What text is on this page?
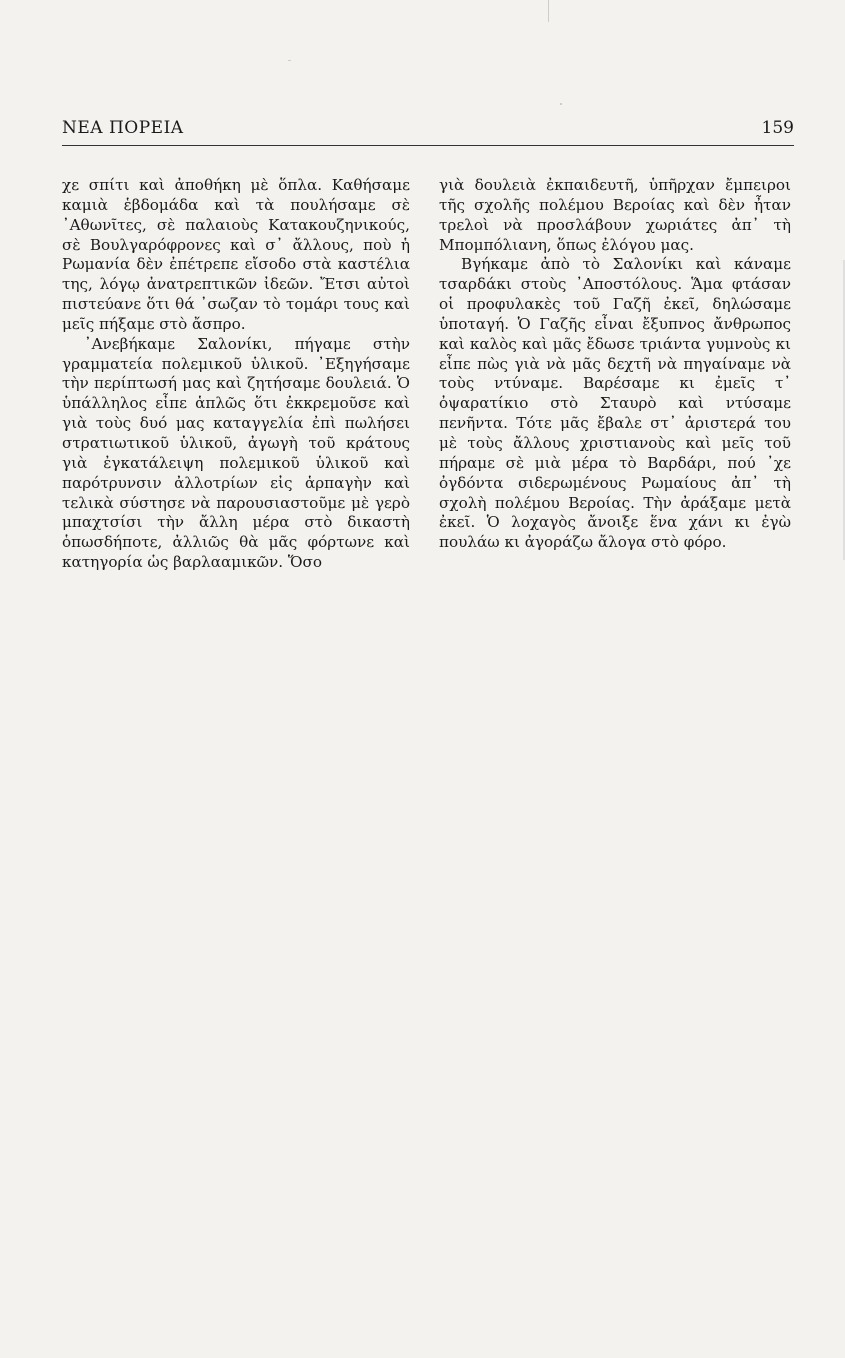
ΝΕΑ ΠΟΡΕΙΑ	159

χε σπίτι καὶ ἀποθήκη μὲ ὅπλα. Καθήσαμε καμιὰ ἑβδομάδα καὶ τὰ πουλήσαμε σὲ ᾿Αθωνῖτες, σὲ παλαιοὺς Κατακουζηνικούς, σὲ Βουλγαρόφρονες καὶ σ᾿ ἄλλους, ποὺ ἡ Ρωμανία δὲν ἐπέτρεπε εἴσοδο στὰ καστέλια της, λόγῳ ἀνατρεπτικῶν ἰδεῶν. Ἔτσι αὐτοὶ πιστεύανε ὅτι θά ᾿σωζαν τὸ τομάρι τους καὶ μεῖς πήξαμε στὸ ἄσπρο.

᾿Ανεβήκαμε Σαλονίκι, πήγαμε στὴν γραμματεία πολεμικοῦ ὑλικοῦ. ᾿Εξηγήσαμε τὴν περίπτωσή μας καὶ ζητήσαμε δουλειά. Ὁ ὑπάλληλος εἶπε ἁπλῶς ὅτι ἐκκρεμοῦσε καὶ γιὰ τοὺς δυό μας καταγγελία ἐπὶ πωλήσει στρατιωτικοῦ ὑλικοῦ, ἀγωγὴ τοῦ κράτους γιὰ ἐγκατάλειψη πολεμικοῦ ὑλικοῦ καὶ παρότρυνσιν ἀλλοτρίων εἰς ἁρπαγὴν καὶ τελικὰ σύστησε νὰ παρουσιαστοῦμε μὲ γερὸ μπαχτσίσι τὴν ἄλλη μέρα στὸ δικαστὴ ὁπωσδήποτε, ἀλλιῶς θὰ μᾶς φόρτωνε καὶ κατηγορία ὡς βαρλααμικῶν. Ὅσο

γιὰ δουλειὰ ἐκπαιδευτῆ, ὑπῆρχαν ἔμπειροι τῆς σχολῆς πολέμου Βεροίας καὶ δὲν ἦταν τρελοὶ νὰ προσλάβουν χωριάτες ἀπ᾿ τὴ Μπομπόλιανη, ὅπως ἐλόγου μας.

Βγήκαμε ἀπὸ τὸ Σαλονίκι καὶ κάναμε τσαρδάκι στοὺς ᾿Αποστόλους. Ἅμα φτάσαν οἱ προφυλακὲς τοῦ Γαζῆ ἐκεῖ, δηλώσαμε ὑποταγή. Ὁ Γαζῆς εἶναι ἔξυπνος ἄνθρωπος καὶ καλὸς καὶ μᾶς ἔδωσε τριάντα γυμνοὺς κι εἶπε πὼς γιὰ νὰ μᾶς δεχτῆ νὰ πηγαίναμε νὰ τοὺς ντύναμε. Βαρέσαμε κι ἐμεῖς τ᾿ ὀψαρατίκιο στὸ Σταυρὸ καὶ ντύσαμε πενῆντα. Τότε μᾶς ἔβαλε στ᾿ ἀριστερά του μὲ τοὺς ἄλλους χριστιανοὺς καὶ μεῖς τοῦ πήραμε σὲ μιὰ μέρα τὸ Βαρδάρι, πού ᾿χε ὀγδόντα σιδερωμένους Ρωμαίους ἀπ᾿ τὴ σχολὴ πολέμου Βεροίας. Τὴν ἀράξαμε μετὰ ἐκεῖ. Ὁ λοχαγὸς ἄνοιξε ἕνα χάνι κι ἐγὼ πουλάω κι ἀγοράζω ἄλογα στὸ φόρο.
